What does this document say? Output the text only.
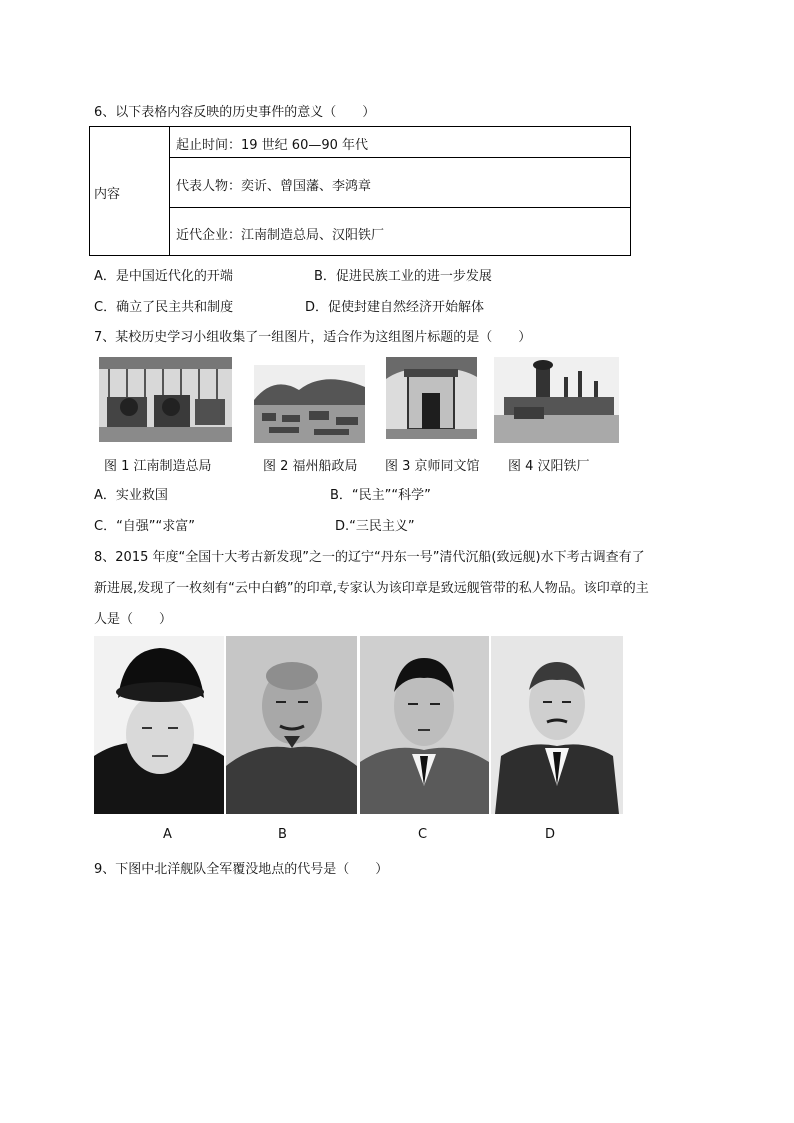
6、以下表格内容反映的历史事件的意义（　　）
内容
起止时间：19 世纪 60—90 年代
代表人物：奕䜣、曾国藩、李鸿章
近代企业：江南制造总局、汉阳铁厂
A．是中国近代化的开端	B．促进民族工业的进一步发展
C．确立了民主共和制度	D．促使封建自然经济开始解体
7、某校历史学习小组收集了一组图片，适合作为这组图片标题的是（　　）
图 1 江南制造总局	图 2 福州船政局 图 3 京师同文馆 图 4 汉阳铁厂
A．实业救国	B．“民主”“科学”
C．“自强”“求富”	D.“三民主义”
8、2015 年度“全国十大考古新发现”之一的辽宁“丹东一号”清代沉船(致远舰)水下考古调查有了
新进展,发现了一枚刻有“云中白鹤”的印章,专家认为该印章是致远舰管带的私人物品。该印章的主
人是（　　）
A	B	C	D
9、下图中北洋舰队全军覆没地点的代号是（　　）
